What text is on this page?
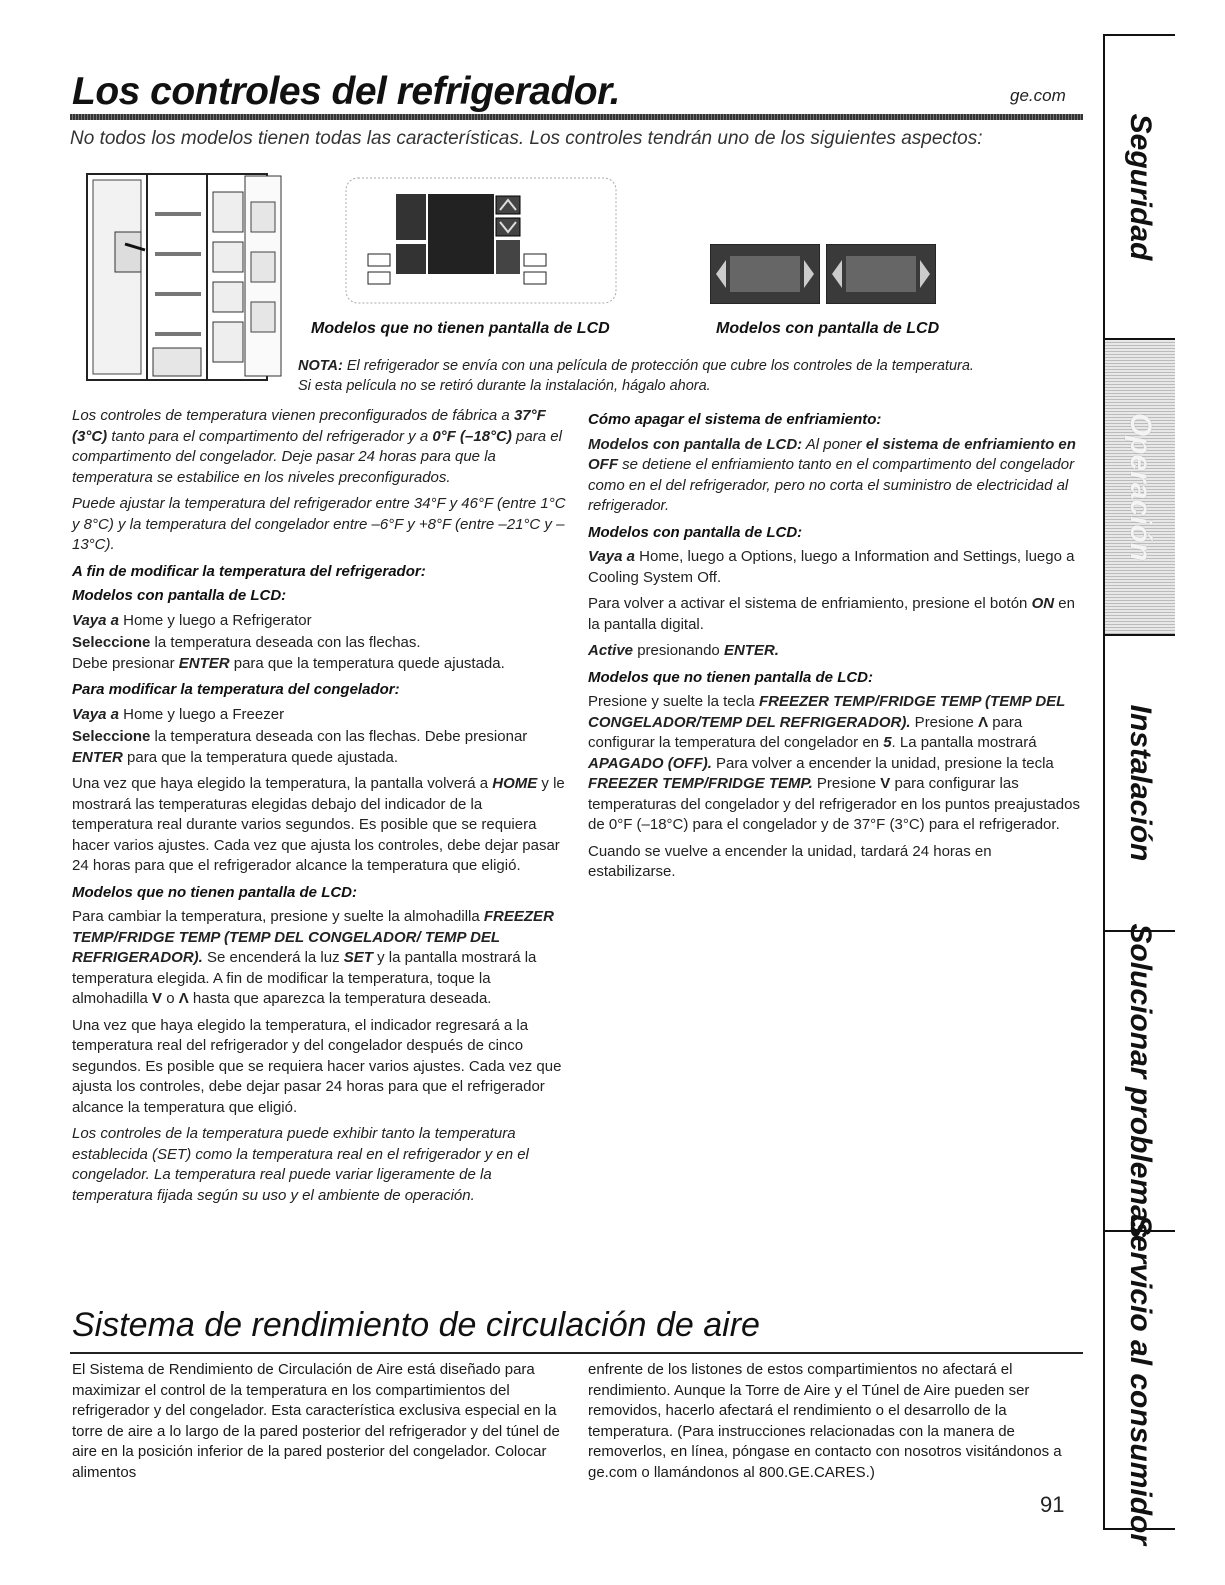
Los controles del refrigerador.	ge.com
No todos los modelos tienen todas las características. Los controles tendrán uno de los siguientes aspectos:
Modelos que no tienen pantalla de LCD	Modelos con pantalla de LCD
NOTA: El refrigerador se envía con una película de protección que cubre los controles de la temperatura.
Si esta película no se retiró durante la instalación, hágalo ahora.

Los controles de temperatura vienen preconfigurados de fábrica a 37°F (3°C) tanto para el compartimento del refrigerador y a 0°F (–18°C) para el compartimento del congelador. Deje pasar 24 horas para que la temperatura se estabilice en los niveles preconfigurados.

Puede ajustar la temperatura del refrigerador entre 34°F y 46°F (entre 1°C y 8°C) y la temperatura del congelador entre –6°F y +8°F (entre –21°C y –13°C).

A fin de modificar la temperatura del refrigerador:

Modelos con pantalla de LCD:

Vaya a Home y luego a Refrigerator

Seleccione la temperatura deseada con las flechas.
Debe presionar ENTER para que la temperatura quede ajustada.

Para modificar la temperatura del congelador:

Vaya a Home y luego a Freezer

Seleccione la temperatura deseada con las flechas. Debe presionar ENTER para que la temperatura quede ajustada.

Una vez que haya elegido la temperatura, la pantalla volverá a HOME y le mostrará las temperaturas elegidas debajo del indicador de la temperatura real durante varios segundos. Es posible que se requiera hacer varios ajustes. Cada vez que ajusta los controles, debe dejar pasar 24 horas para que el refrigerador alcance la temperatura que eligió.

Modelos que no tienen pantalla de LCD:

Para cambiar la temperatura, presione y suelte la almohadilla FREEZER TEMP/FRIDGE TEMP (TEMP DEL CONGELADOR/ TEMP DEL REFRIGERADOR). Se encenderá la luz SET y la pantalla mostrará la temperatura elegida. A fin de modificar la temperatura, toque la almohadilla V o Λ hasta que aparezca la temperatura deseada.

Una vez que haya elegido la temperatura, el indicador regresará a la temperatura real del refrigerador y del congelador después de cinco segundos. Es posible que se requiera hacer varios ajustes. Cada vez que ajusta los controles, debe dejar pasar 24 horas para que el refrigerador alcance la temperatura que eligió.

Los controles de la temperatura puede exhibir tanto la temperatura establecida (SET) como la temperatura real en el refrigerador y en el congelador. La temperatura real puede variar ligeramente de la temperatura fijada según su uso y el ambiente de operación.

Cómo apagar el sistema de enfriamiento:

Modelos con pantalla de LCD: Al poner el sistema de enfriamiento en OFF se detiene el enfriamiento tanto en el compartimento del congelador como en el del refrigerador, pero no corta el suministro de electricidad al refrigerador.

Modelos con pantalla de LCD:

Vaya a Home, luego a Options, luego a Information and Settings, luego a Cooling System Off.

Para volver a activar el sistema de enfriamiento, presione el botón ON en la pantalla digital.

Active presionando ENTER.

Modelos que no tienen pantalla de LCD:

Presione y suelte la tecla FREEZER TEMP/FRIDGE TEMP (TEMP DEL CONGELADOR/TEMP DEL REFRIGERADOR). Presione Λ para configurar la temperatura del congelador en 5. La pantalla mostrará APAGADO (OFF). Para volver a encender la unidad, presione la tecla FREEZER TEMP/FRIDGE TEMP. Presione V para configurar las temperaturas del congelador y del refrigerador en los puntos preajustados de 0°F (–18°C) para el congelador y de 37°F (3°C) para el refrigerador.

Cuando se vuelve a encender la unidad, tardará 24 horas en estabilizarse.

Sistema de rendimiento de circulación de aire
El Sistema de Rendimiento de Circulación de Aire está diseñado para maximizar el control de la temperatura en los compartimientos del refrigerador y del congelador. Esta característica exclusiva especial en la torre de aire a lo largo de la pared posterior del refrigerador y del túnel de aire en la posición inferior de la pared posterior del congelador. Colocar alimentos
enfrente de los listones de estos compartimientos no afectará el rendimiento. Aunque la Torre de Aire y el Túnel de Aire pueden ser removidos, hacerlo afectará el rendimiento o el desarrollo de la temperatura. (Para instrucciones relacionadas con la manera de removerlos, en línea, póngase en contacto con nosotros visitándonos a ge.com o llamándonos al 800.GE.CARES.)
91
Seguridad
Operación
Instalación
Solucionar problemas
Servicio al consumidor
